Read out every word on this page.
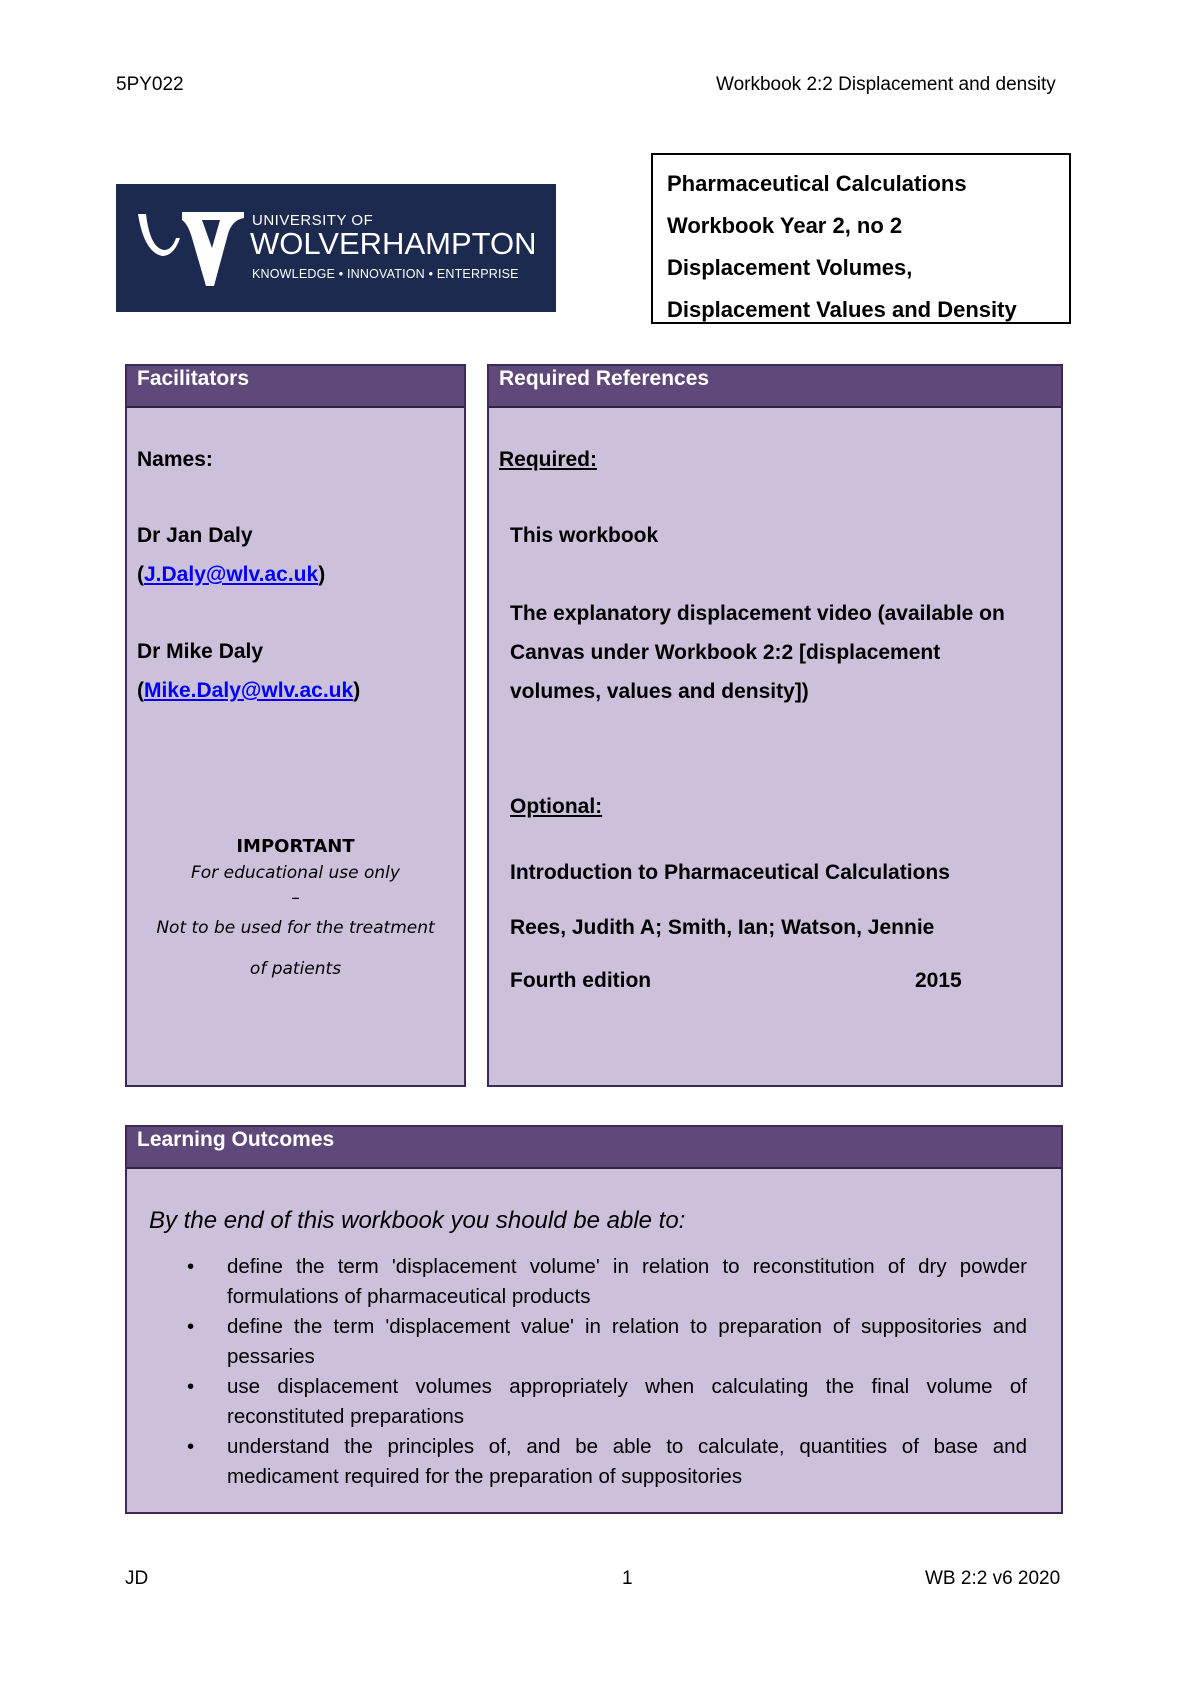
5PY022	Workbook 2:2 Displacement and density
UNIVERSITY OF
WOLVERHAMPTON
KNOWLEDGE • INNOVATION • ENTERPRISE
Pharmaceutical Calculations
Workbook Year 2, no 2
Displacement Volumes,
Displacement Values and Density
Facilitators
Names:
Dr Jan Daly
(J.Daly@wlv.ac.uk)
Dr Mike Daly
(Mike.Daly@wlv.ac.uk)
IMPORTANT
For educational use only
–
Not to be used for the treatment
of patients
Required References
Required:
This workbook
The explanatory displacement video (available on
Canvas under Workbook 2:2 [displacement
volumes, values and density])
Optional:
Introduction to Pharmaceutical Calculations
Rees, Judith A; Smith, Ian; Watson, Jennie
Fourth edition	2015
Learning Outcomes
By the end of this workbook you should be able to:
• define the term 'displacement volume' in relation to reconstitution of dry powder formulations of pharmaceutical products
• define the term 'displacement value' in relation to preparation of suppositories and pessaries
• use displacement volumes appropriately when calculating the final volume of reconstituted preparations
• understand the principles of, and be able to calculate, quantities of base and medicament required for the preparation of suppositories
JD	1	WB 2:2 v6 2020
